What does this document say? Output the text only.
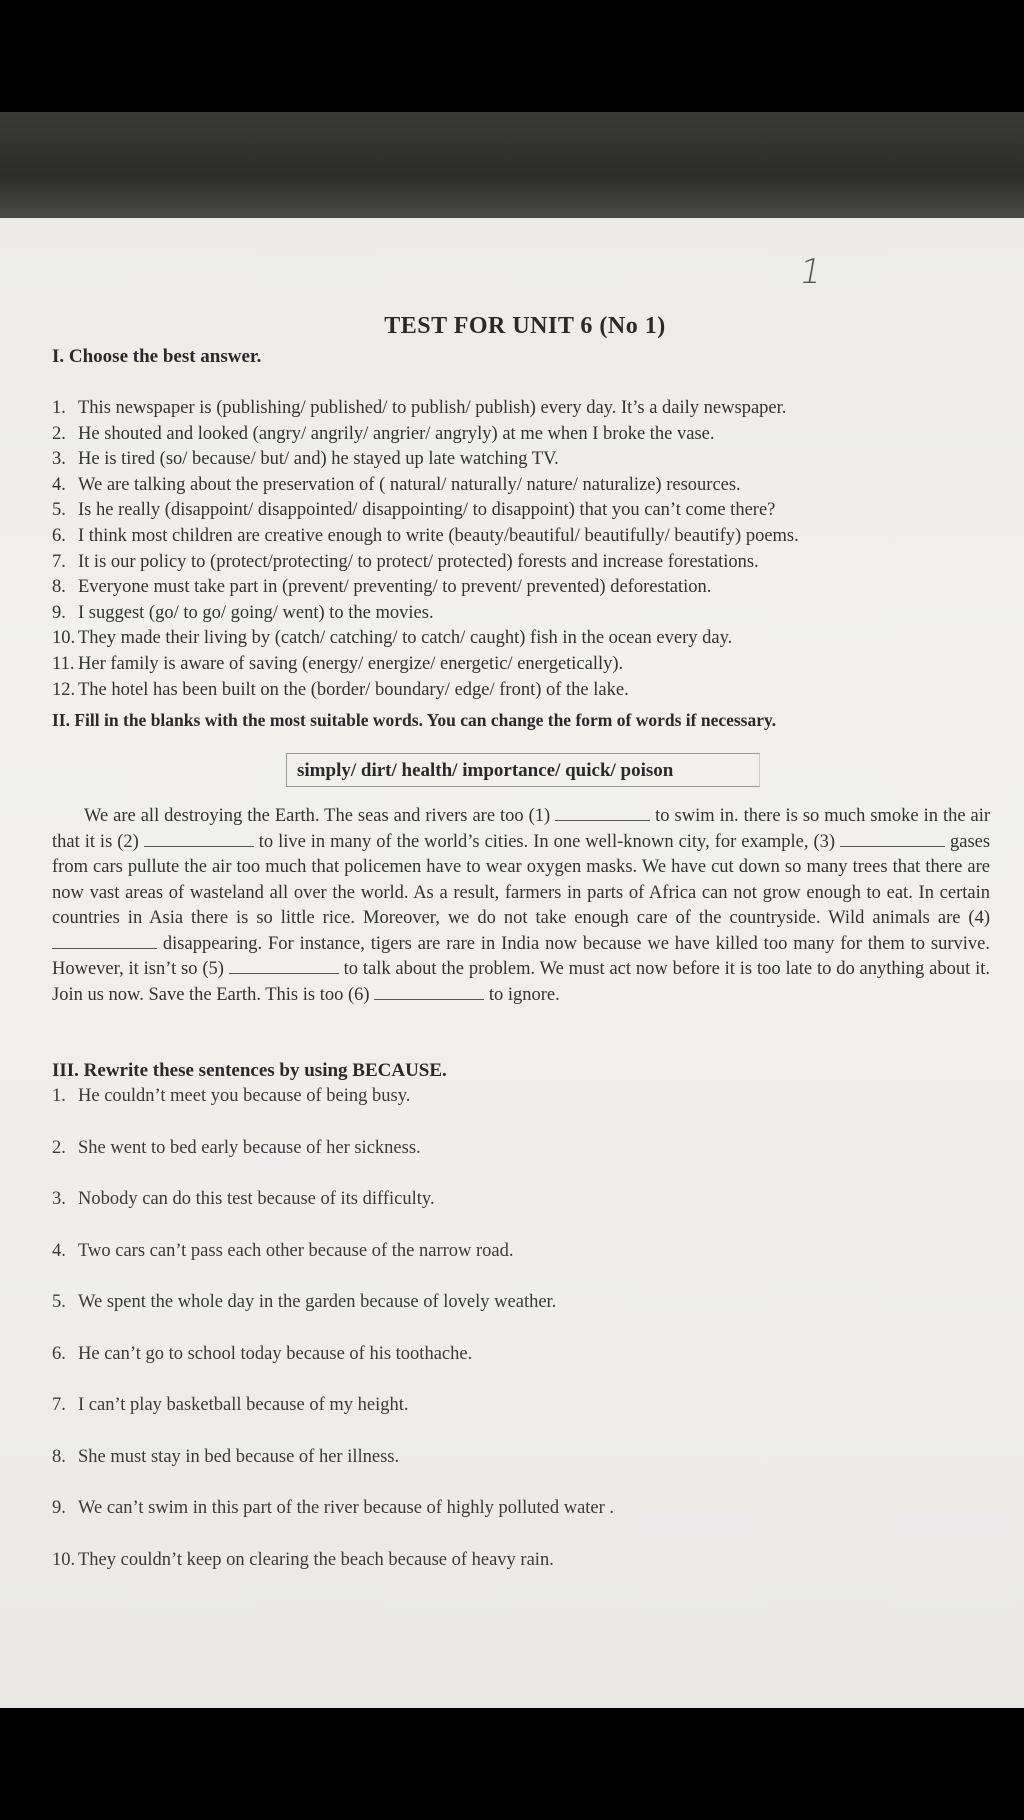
1
TEST FOR UNIT 6 (No 1)
I. Choose the best answer.
1. This newspaper is (publishing/ published/ to publish/ publish) every day. It’s a daily newspaper.
2. He shouted and looked (angry/ angrily/ angrier/ angryly) at me when I broke the vase.
3. He is tired (so/ because/ but/ and) he stayed up late watching TV.
4. We are talking about the preservation of ( natural/ naturally/ nature/ naturalize) resources.
5. Is he really (disappoint/ disappointed/ disappointing/ to disappoint) that you can’t come there?
6. I think most children are creative enough to write (beauty/beautiful/ beautifully/ beautify) poems.
7. It is our policy to (protect/protecting/ to protect/ protected) forests and increase forestations.
8. Everyone must take part in (prevent/ preventing/ to prevent/ prevented) deforestation.
9. I suggest (go/ to go/ going/ went) to the movies.
10. They made their living by (catch/ catching/ to catch/ caught) fish in the ocean every day.
11. Her family is aware of saving (energy/ energize/ energetic/ energetically).
12. The hotel has been built on the (border/ boundary/ edge/ front) of the lake.
II. Fill in the blanks with the most suitable words. You can change the form of words if necessary.
simply/ dirt/ health/ importance/ quick/ poison

We are all destroying the Earth. The seas and rivers are too (1)	to swim in. there is so much smoke in the air that it is (2)	to live in many of the world’s cities. In one well-known city, for example, (3)	gases from cars pullute the air too much that policemen have to wear oxygen masks. We have cut down so many trees that there are now vast areas of wasteland all over the world. As a result, farmers in parts of Africa can not grow enough to eat. In certain countries in Asia there is so little rice. Moreover, we do not take enough care of the countryside. Wild animals are (4)  disappearing. For instance, tigers are rare in India now because we have killed too many for them to survive. However, it isn’t so (5)	to talk about the problem. We must act now before it is too late to do anything about it. Join us now. Save the Earth. This is too (6)	to ignore.

III. Rewrite these sentences by using BECAUSE.
1. He couldn’t meet you because of being busy.
2. She went to bed early because of her sickness.
3. Nobody can do this test because of its difficulty.
4. Two cars can’t pass each other because of the narrow road.
5. We spent the whole day in the garden because of lovely weather.
6. He can’t go to school today because of his toothache.
7. I can’t play basketball because of my height.
8. She must stay in bed because of her illness.
9. We can’t swim in this part of the river because of highly polluted water .
10. They couldn’t keep on clearing the beach because of heavy rain.
